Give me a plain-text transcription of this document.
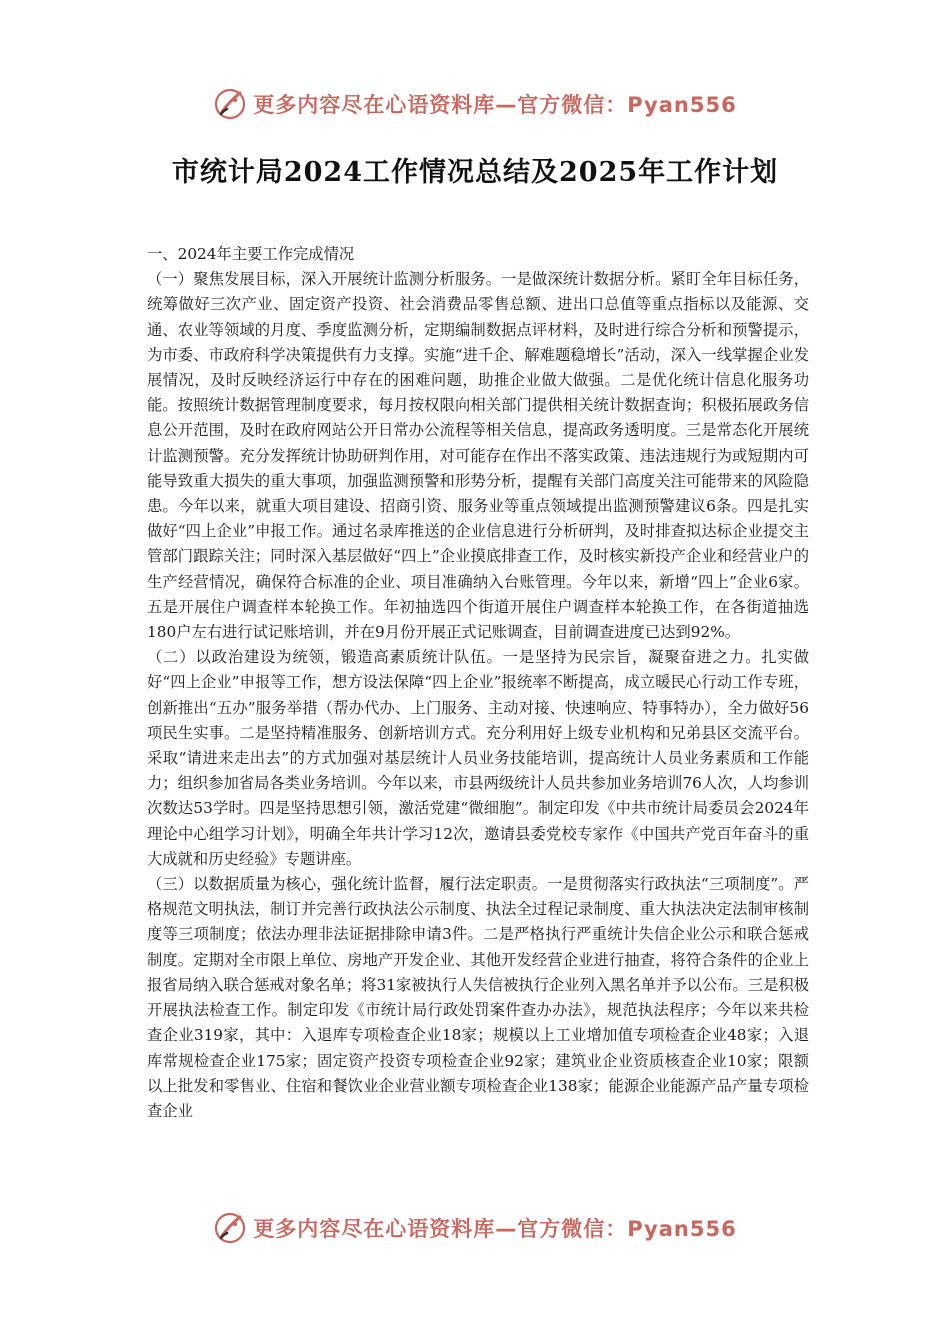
更多内容尽在心语资料库—官方微信：Pyan556
市统计局2024工作情况总结及2025年工作计划

一、2024年主要工作完成情况

（一）聚焦发展目标，深入开展统计监测分析服务。一是做深统计数据分析。紧盯全年目标任务，统筹做好三次产业、固定资产投资、社会消费品零售总额、进出口总值等重点指标以及能源、交通、农业等领域的月度、季度监测分析，定期编制数据点评材料，及时进行综合分析和预警提示，为市委、市政府科学决策提供有力支撑。实施“进千企、解难题稳增长”活动，深入一线掌握企业发展情况，及时反映经济运行中存在的困难问题，助推企业做大做强。二是优化统计信息化服务功能。按照统计数据管理制度要求，每月按权限向相关部门提供相关统计数据查询；积极拓展政务信息公开范围，及时在政府网站公开日常办公流程等相关信息，提高政务透明度。三是常态化开展统计监测预警。充分发挥统计协助研判作用，对可能存在作出不落实政策、违法违规行为或短期内可能导致重大损失的重大事项，加强监测预警和形势分析，提醒有关部门高度关注可能带来的风险隐患。今年以来，就重大项目建设、招商引资、服务业等重点领域提出监测预警建议6条。四是扎实做好“四上企业”申报工作。通过名录库推送的企业信息进行分析研判，及时排查拟达标企业提交主管部门跟踪关注；同时深入基层做好“四上”企业摸底排查工作，及时核实新投产企业和经营业户的生产经营情况，确保符合标准的企业、项目准确纳入台账管理。今年以来，新增“四上”企业6家。五是开展住户调查样本轮换工作。年初抽选四个街道开展住户调查样本轮换工作，在各街道抽选180户左右进行试记账培训，并在9月份开展正式记账调查，目前调查进度已达到92%。

（二）以政治建设为统领，锻造高素质统计队伍。一是坚持为民宗旨，凝聚奋进之力。扎实做好“四上企业”申报等工作，想方设法保障“四上企业”报统率不断提高，成立暖民心行动工作专班，创新推出“五办”服务举措（帮办代办、上门服务、主动对接、快速响应、特事特办），全力做好56项民生实事。二是坚持精准服务、创新培训方式。充分利用好上级专业机构和兄弟县区交流平台。采取“请进来走出去”的方式加强对基层统计人员业务技能培训，提高统计人员业务素质和工作能力；组织参加省局各类业务培训。今年以来，市县两级统计人员共参加业务培训76人次，人均参训次数达53学时。四是坚持思想引领，激活党建“微细胞”。制定印发《中共市统计局委员会2024年理论中心组学习计划》，明确全年共计学习12次，邀请县委党校专家作《中国共产党百年奋斗的重大成就和历史经验》专题讲座。

（三）以数据质量为核心，强化统计监督，履行法定职责。一是贯彻落实行政执法“三项制度”。严格规范文明执法，制订并完善行政执法公示制度、执法全过程记录制度、重大执法决定法制审核制度等三项制度；依法办理非法证据排除申请3件。二是严格执行严重统计失信企业公示和联合惩戒制度。定期对全市限上单位、房地产开发企业、其他开发经营企业进行抽查，将符合条件的企业上报省局纳入联合惩戒对象名单；将31家被执行人失信被执行企业列入黑名单并予以公布。三是积极开展执法检查工作。制定印发《市统计局行政处罚案件查办办法》，规范执法程序；今年以来共检查企业319家，其中：入退库专项检查企业18家；规模以上工业增加值专项检查企业48家；入退库常规检查企业175家；固定资产投资专项检查企业92家；建筑业企业资质核查企业10家；限额以上批发和零售业、住宿和餐饮业企业营业额专项检查企业138家；能源企业能源产品产量专项检查企业

更多内容尽在心语资料库—官方微信：Pyan556
